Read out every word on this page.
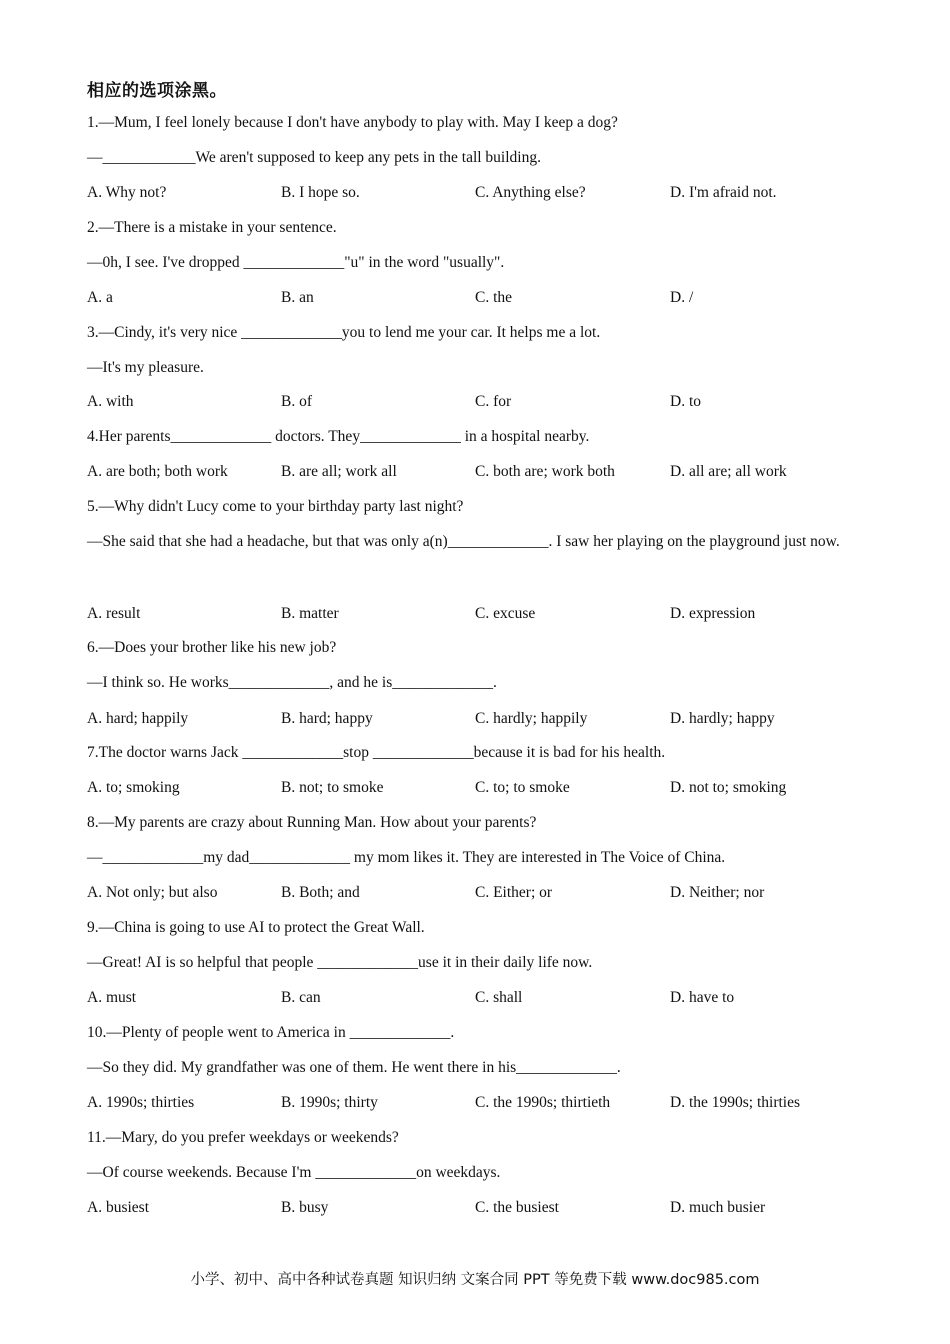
相应的选项涂黑。
1.—Mum, I feel lonely because I don't have anybody to play with. May I keep a dog?
—____________We aren't supposed to keep any pets in the tall building.
A. Why not?	B. I hope so.	C. Anything else?	D. I'm afraid not.
2.—There is a mistake in your sentence.
—0h, I see. I've dropped _____________"u" in the word "usually".
A. a	B. an	C. the	D. /
3.—Cindy, it's very nice _____________you to lend me your car. It helps me a lot.
—It's my pleasure.
A. with	B. of	C. for	D. to
4.Her parents_____________ doctors. They_____________ in a hospital nearby.
A. are both; both work	B. are all; work all	C. both are; work both	D. all are; all work
5.—Why didn't Lucy come to your birthday party last night?
—She said that she had a headache, but that was only a(n)_____________. I saw her playing on the playground just now.
A. result	B. matter	C. excuse	D. expression
6.—Does your brother like his new job?
—I think so. He works_____________, and he is_____________.
A. hard; happily	B. hard; happy	C. hardly; happily	D. hardly; happy
7.The doctor warns Jack _____________stop _____________because it is bad for his health.
A. to; smoking	B. not; to smoke	C. to; to smoke	D. not to; smoking
8.—My parents are crazy about Running Man. How about your parents?
—_____________my dad_____________ my mom likes it. They are interested in The Voice of China.
A. Not only; but also	B. Both; and	C. Either; or	D. Neither; nor
9.—China is going to use AI to protect the Great Wall.
—Great! AI is so helpful that people _____________use it in their daily life now.
A. must	B. can	C. shall	D. have to
10.—Plenty of people went to America in _____________.
—So they did. My grandfather was one of them. He went there in his_____________.
A. 1990s; thirties	B. 1990s; thirty	C. the 1990s; thirtieth	D. the 1990s; thirties
11.—Mary, do you prefer weekdays or weekends?
—Of course weekends. Because I'm _____________on weekdays.
A. busiest	B. busy	C. the busiest	D. much busier
小学、初中、高中各种试卷真题 知识归纳 文案合同 PPT 等免费下载 www.doc985.com
